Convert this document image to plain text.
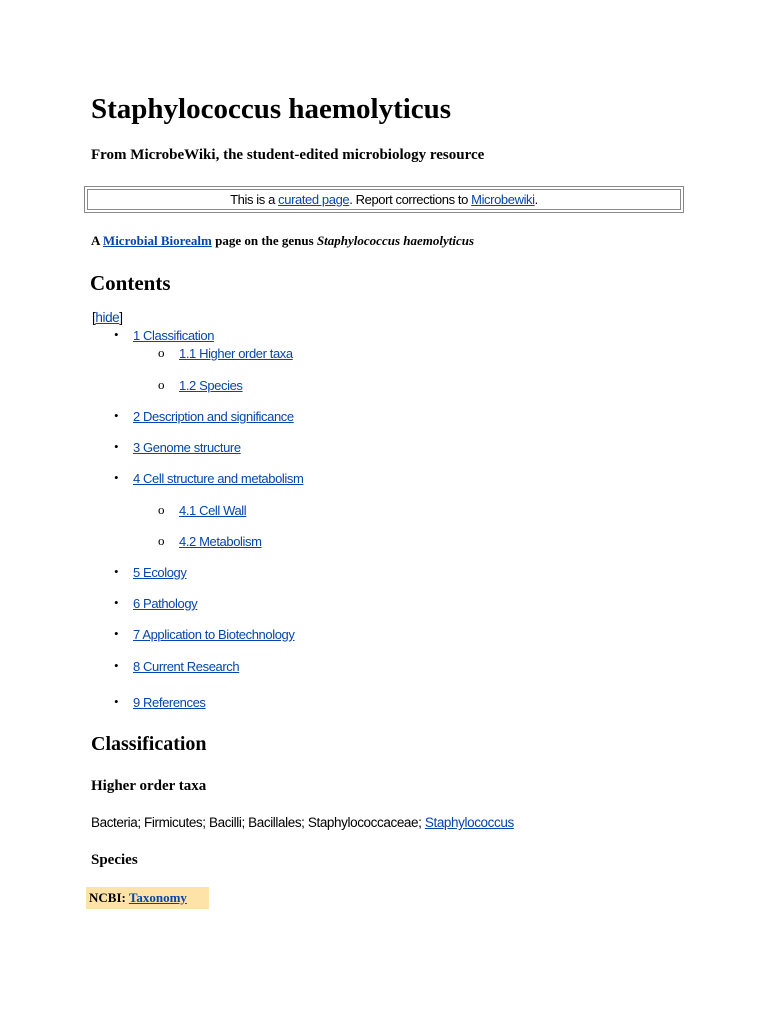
Staphylococcus haemolyticus
From MicrobeWiki, the student-edited microbiology resource
This is a curated page. Report corrections to Microbewiki.
A Microbial Biorealm page on the genus Staphylococcus haemolyticus
Contents
[hide]
• 1 Classification
o 1.1 Higher order taxa
o 1.2 Species
• 2 Description and significance
• 3 Genome structure
• 4 Cell structure and metabolism
o 4.1 Cell Wall
o 4.2 Metabolism
• 5 Ecology
• 6 Pathology
• 7 Application to Biotechnology
• 8 Current Research
• 9 References
Classification
Higher order taxa
Bacteria; Firmicutes; Bacilli; Bacillales; Staphylococcaceae; Staphylococcus
Species
NCBI: Taxonomy
